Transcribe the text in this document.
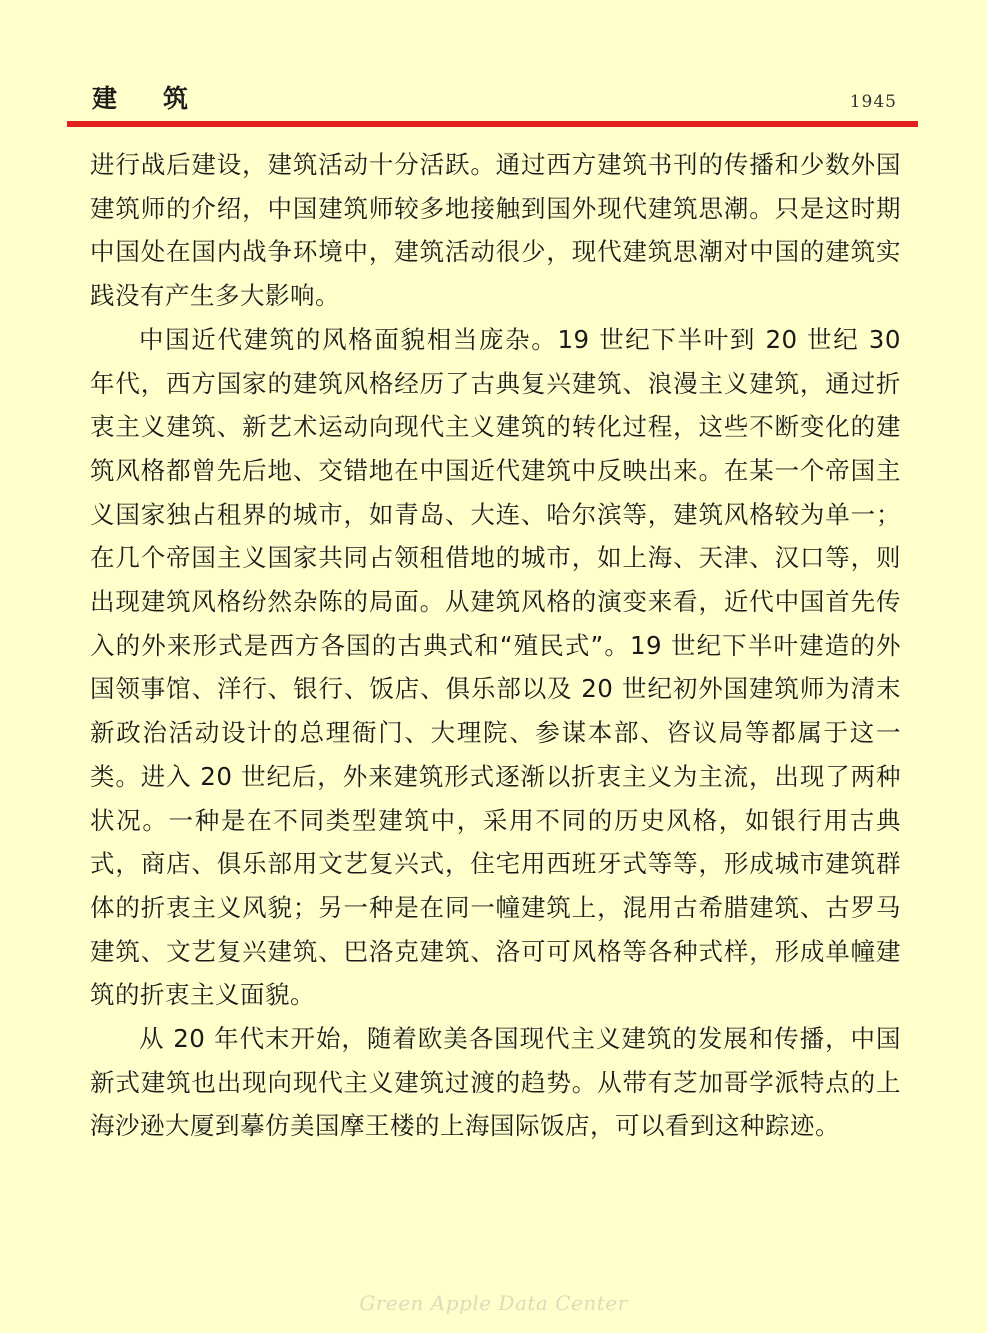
建筑	1945

进行战后建设，建筑活动十分活跃。通过西方建筑书刊的传播和少数外国建筑师的介绍，中国建筑师较多地接触到国外现代建筑思潮。只是这时期中国处在国内战争环境中，建筑活动很少，现代建筑思潮对中国的建筑实践没有产生多大影响。

中国近代建筑的风格面貌相当庞杂。19 世纪下半叶到 20 世纪 30 年代，西方国家的建筑风格经历了古典复兴建筑、浪漫主义建筑，通过折衷主义建筑、新艺术运动向现代主义建筑的转化过程，这些不断变化的建筑风格都曾先后地、交错地在中国近代建筑中反映出来。在某一个帝国主义国家独占租界的城市，如青岛、大连、哈尔滨等，建筑风格较为单一；在几个帝国主义国家共同占领租借地的城市，如上海、天津、汉口等，则出现建筑风格纷然杂陈的局面。从建筑风格的演变来看，近代中国首先传入的外来形式是西方各国的古典式和“殖民式”。19 世纪下半叶建造的外国领事馆、洋行、银行、饭店、俱乐部以及 20 世纪初外国建筑师为清末新政治活动设计的总理衙门、大理院、参谋本部、咨议局等都属于这一类。进入 20 世纪后，外来建筑形式逐渐以折衷主义为主流，出现了两种状况。一种是在不同类型建筑中，采用不同的历史风格，如银行用古典式，商店、俱乐部用文艺复兴式，住宅用西班牙式等等，形成城市建筑群体的折衷主义风貌；另一种是在同一幢建筑上，混用古希腊建筑、古罗马建筑、文艺复兴建筑、巴洛克建筑、洛可可风格等各种式样，形成单幢建筑的折衷主义面貌。

从 20 年代末开始，随着欧美各国现代主义建筑的发展和传播，中国新式建筑也出现向现代主义建筑过渡的趋势。从带有芝加哥学派特点的上海沙逊大厦到摹仿美国摩王楼的上海国际饭店，可以看到这种踪迹。

Green Apple Data Center
